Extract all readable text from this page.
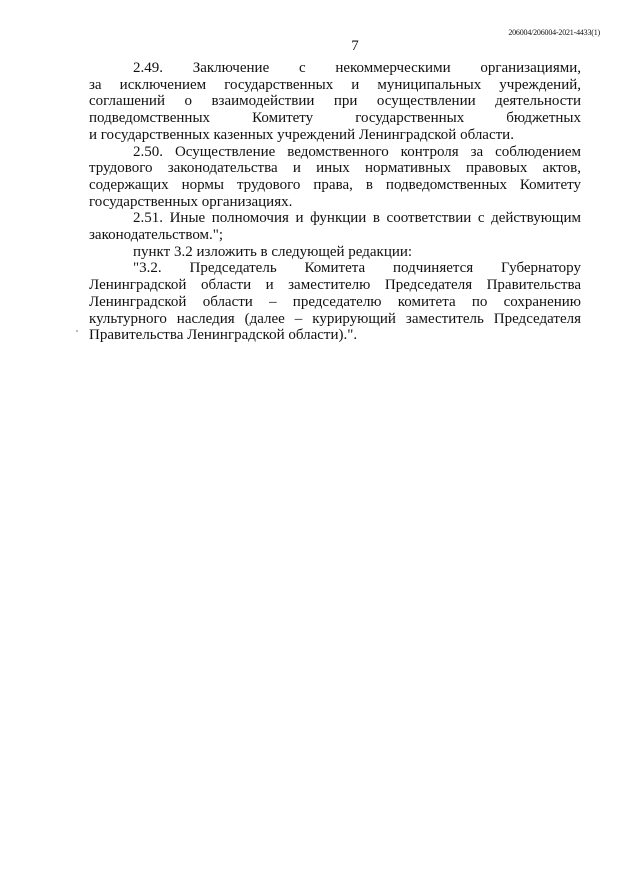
206004/206004-2021-4433(1)
7
2.49. Заключение с некоммерческими организациями,
за исключением государственных и муниципальных учреждений,
соглашений о взаимодействии при осуществлении деятельности
подведомственных Комитету государственных бюджетных
и государственных казенных учреждений Ленинградской области.
2.50. Осуществление ведомственного контроля за соблюдением
трудового законодательства и иных нормативных правовых актов,
содержащих нормы трудового права, в подведомственных Комитету
государственных организациях.
2.51. Иные полномочия и функции в соответствии с действующим
законодательством.";
пункт 3.2 изложить в следующей редакции:
"3.2. Председатель Комитета подчиняется Губернатору
Ленинградской области и заместителю Председателя Правительства
Ленинградской области – председателю комитета по сохранению
культурного наследия (далее – курирующий заместитель Председателя
Правительства Ленинградской области).".
